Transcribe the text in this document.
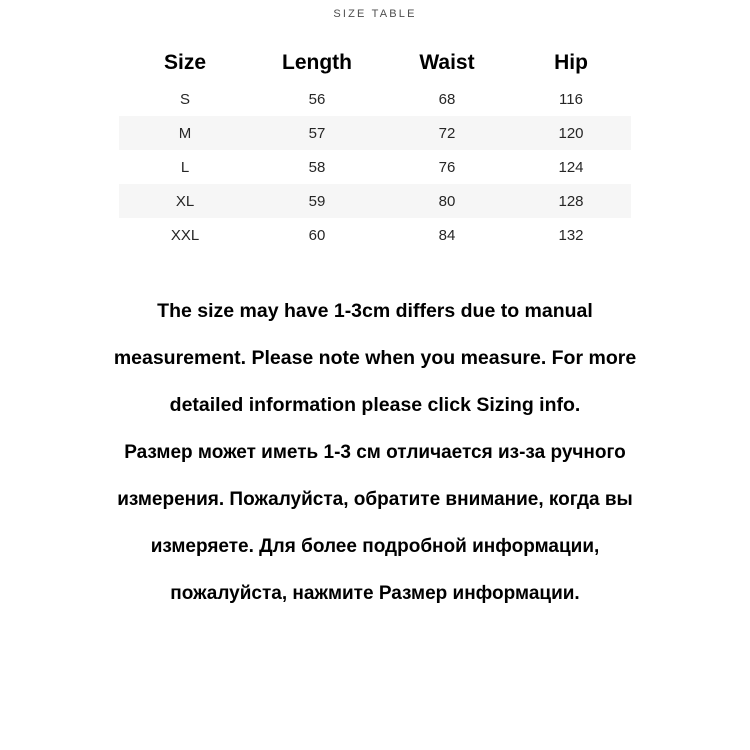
SIZE TABLE
Size	Length	Waist	Hip
S	56	68	116
M	57	72	120
L	58	76	124
XL	59	80	128
XXL	60	84	132
The size may have 1-3cm differs due to manual
measurement. Please note when you measure. For more
detailed information please click Sizing info.
Размер может иметь 1-3 см отличается из-за ручного
измерения. Пожалуйста, обратите внимание, когда вы
измеряете. Для более подробной информации,
пожалуйста, нажмите Размер информации.
